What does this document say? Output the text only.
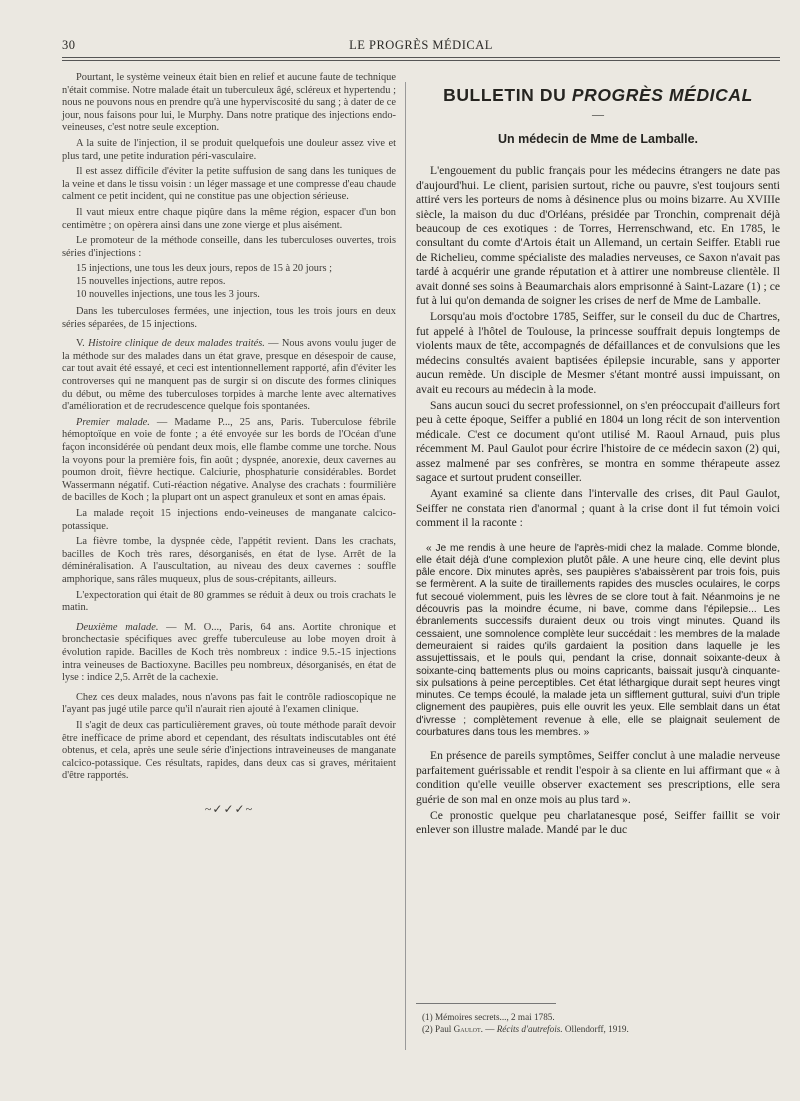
30	LE PROGRÈS MÉDICAL

Pourtant, le système veineux était bien en relief et aucune faute de technique n'était commise. Notre malade était un tuberculeux âgé, scléreux et hypertendu ; nous ne pouvons nous en prendre qu'à une hyperviscosité du sang ; à dater de ce jour, nous faisons pour lui, le Murphy. Dans notre pratique des injections endo-veineuses, c'est notre seule exception.

A la suite de l'injection, il se produit quelquefois une douleur assez vive et plus tard, une petite induration péri-vasculaire.

Il est assez difficile d'éviter la petite suffusion de sang dans les tuniques de la veine et dans le tissu voisin : un léger massage et une compresse d'eau chaude calment ce petit incident, qui ne constitue pas une objection sérieuse.

Il vaut mieux entre chaque piqûre dans la même région, espacer d'un bon centimètre ; on opèrera ainsi dans une zone vierge et plus aisément.

Le promoteur de la méthode conseille, dans les tuberculoses ouvertes, trois séries d'injections :

15 injections, une tous les deux jours, repos de 15 à 20 jours ;

15 nouvelles injections, autre repos.

10 nouvelles injections, une tous les 3 jours.

Dans les tuberculoses fermées, une injection, tous les trois jours en deux séries séparées, de 15 injections.

V. Histoire clinique de deux malades traités. — Nous avons voulu juger de la méthode sur des malades dans un état grave, presque en désespoir de cause, car tout avait été essayé, et ceci est intentionnellement rapporté, afin d'éviter les controverses qui ne manquent pas de surgir si on discute des formes cliniques du début, ou même des tuberculoses torpides à marche lente avec alternatives d'amélioration et de recrudescence quelque fois spontanées.

Premier malade. — Madame P..., 25 ans, Paris. Tuberculose fébrile hémoptoïque en voie de fonte ; a été envoyée sur les bords de l'Océan d'une façon inconsidérée où pendant deux mois, elle flambe comme une torche. Nous la voyons pour la première fois, fin août ; dyspnée, anorexie, deux cavernes au poumon droit, fièvre hectique. Calciurie, phosphaturie considérables. Bordet Wassermann négatif. Cuti-réaction négative. Analyse des crachats : fourmilière de bacilles de Koch ; la plupart ont un aspect granuleux et sont en amas épais.

La malade reçoit 15 injections endo-veineuses de manganate calcico-potassique.

La fièvre tombe, la dyspnée cède, l'appétit revient. Dans les crachats, bacilles de Koch très rares, désorganisés, en état de lyse. Arrêt de la déminéralisation. A l'auscultation, au niveau des deux cavernes : souffle amphorique, sans râles muqueux, plus de sous-crépitants, ailleurs.

L'expectoration qui était de 80 grammes se réduit à deux ou trois crachats le matin.

Deuxième malade. — M. O..., Paris, 64 ans. Aortite chronique et bronchectasie spécifiques avec greffe tuberculeuse au lobe moyen droit à évolution rapide. Bacilles de Koch très nombreux : indice 9.5.-15 injections intra veineuses de Bactioxyne. Bacilles peu nombreux, désorganisés, en état de lyse : indice 2,5. Arrêt de la cachexie.

Chez ces deux malades, nous n'avons pas fait le contrôle radioscopique ne l'ayant pas jugé utile parce qu'il n'aurait rien ajouté à l'examen clinique.

Il s'agit de deux cas particulièrement graves, où toute méthode paraît devoir être inefficace de prime abord et cependant, des résultats indiscutables ont été obtenus, et cela, après une seule série d'injections intraveineuses de manganate calcico-potassique. Ces résultats, rapides, dans deux cas si graves, méritaient d'être rapportés.

~✓✓✓~
BULLETIN DU PROGRÈS MÉDICAL
—
Un médecin de Mme de Lamballe.

L'engouement du public français pour les médecins étrangers ne date pas d'aujourd'hui. Le client, parisien surtout, riche ou pauvre, s'est toujours senti attiré vers les porteurs de noms à désinence plus ou moins bizarre. Au XVIIIe siècle, la maison du duc d'Orléans, présidée par Tronchin, comprenait déjà beaucoup de ces exotiques : de Torres, Herrenschwand, etc. En 1785, le consultant du comte d'Artois était un Allemand, un certain Seiffer. Etabli rue de Richelieu, comme spécialiste des maladies nerveuses, ce Saxon n'avait pas tardé à acquérir une grande réputation et à attirer une nombreuse clientèle. Il avait donné ses soins à Beaumarchais alors emprisonné à Saint-Lazare (1) ; ce fut à lui qu'on demanda de soigner les crises de nerf de Mme de Lamballe.

Lorsqu'au mois d'octobre 1785, Seiffer, sur le conseil du duc de Chartres, fut appelé à l'hôtel de Toulouse, la princesse souffrait depuis longtemps de violents maux de tête, accompagnés de défaillances et de convulsions que les médecins consultés avaient baptisées épilepsie incurable, sans y apporter aucun remède. Un disciple de Mesmer s'étant montré aussi impuissant, on avait eu recours au médecin à la mode.

Sans aucun souci du secret professionnel, on s'en préoccupait d'ailleurs fort peu à cette époque, Seiffer a publié en 1804 un long récit de son intervention médicale. C'est ce document qu'ont utilisé M. Raoul Arnaud, puis plus récemment M. Paul Gaulot pour écrire l'histoire de ce médecin saxon (2) qui, assez malmené par ses confrères, se montra en somme thérapeute assez sagace et surtout prudent conseiller.

Ayant examiné sa cliente dans l'intervalle des crises, dit Paul Gaulot, Seiffer ne constata rien d'anormal ; quant à la crise dont il fut témoin voici comment il la raconte :

« Je me rendis à une heure de l'après-midi chez la malade. Comme blonde, elle était déjà d'une complexion plutôt pâle. A une heure cinq, elle devint plus pâle encore. Dix minutes après, ses paupières s'abaissèrent par trois fois, puis se fermèrent. A la suite de tiraillements rapides des muscles oculaires, le corps fut secoué violemment, puis les lèvres de se clore tout à fait. Néanmoins je ne découvris pas la moindre écume, ni bave, comme dans l'épilepsie... Les ébranlements successifs duraient deux ou trois vingt minutes. Quand ils cessaient, une somnolence complète leur succédait : les membres de la malade demeuraient si raides qu'ils gardaient la position dans laquelle je les assujettissais, et le pouls qui, pendant la crise, donnait soixante-deux à soixante-cinq battements plus ou moins capricants, baissait jusqu'à cinquante-six pulsations à peine perceptibles. Cet état léthargique durait sept heures vingt minutes. Ce temps écoulé, la malade jeta un sifflement guttural, suivi d'un triple clignement des paupières, puis elle ouvrit les yeux. Elle semblait dans un état d'ivresse ; complètement revenue à elle, elle se plaignait seulement de courbatures dans tous les membres. »

En présence de pareils symptômes, Seiffer conclut à une maladie nerveuse parfaitement guérissable et rendit l'espoir à sa cliente en lui affirmant que « à condition qu'elle veuille observer exactement ses prescriptions, elle sera guérie de son mal en onze mois au plus tard ».

Ce pronostic quelque peu charlatanesque posé, Seiffer faillit se voir enlever son illustre malade. Mandé par le duc

(1) Mémoires secrets..., 2 mai 1785.
(2) Paul Gaulot. — Récits d'autrefois. Ollendorff, 1919.
